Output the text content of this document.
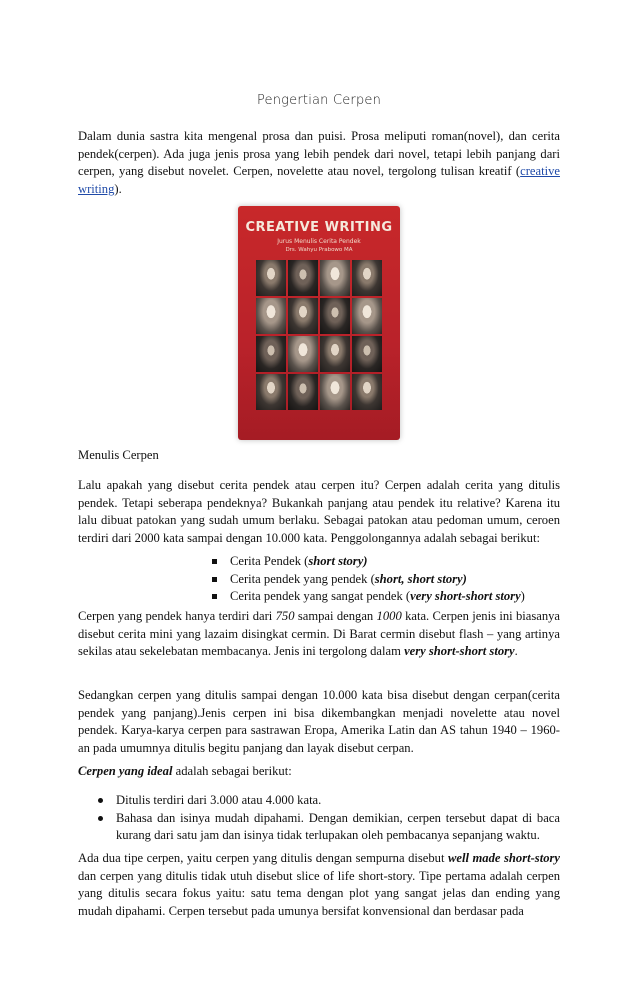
Pengertian Cerpen

Dalam dunia sastra kita mengenal prosa dan puisi. Prosa meliputi roman(novel), dan cerita pendek(cerpen). Ada juga jenis prosa yang lebih pendek dari novel, tetapi lebih panjang dari cerpen, yang disebut novelet. Cerpen, novelette atau novel, tergolong tulisan kreatif (creative writing).

CREATIVE WRITING
Jurus Menulis Cerita Pendek
Drs. Wahyu Prabowo MA
Menulis Cerpen

Lalu apakah yang disebut cerita pendek atau cerpen itu? Cerpen adalah cerita yang ditulis pendek. Tetapi seberapa pendeknya? Bukankah panjang atau pendek itu relative? Karena itu lalu dibuat patokan yang sudah umum berlaku. Sebagai patokan atau pedoman umum, ceroen terdiri dari 2000 kata sampai dengan 10.000 kata. Penggolongannya adalah sebagai berikut:

Cerita Pendek (short story)
Cerita pendek yang pendek (short, short story)
Cerita pendek yang sangat pendek (very short-short story)

Cerpen yang pendek hanya terdiri dari 750 sampai dengan 1000 kata. Cerpen jenis ini biasanya disebut cerita mini yang lazaim disingkat cermin. Di Barat cermin disebut flash – yang artinya sekilas atau sekelebatan membacanya. Jenis ini tergolong dalam very short-short story.

Sedangkan cerpen yang ditulis sampai dengan 10.000 kata bisa disebut dengan cerpan(cerita pendek yang panjang).Jenis cerpen ini bisa dikembangkan menjadi novelette atau novel pendek. Karya-karya cerpen para sastrawan Eropa, Amerika Latin dan AS tahun 1940 – 1960-an pada umumnya ditulis begitu panjang dan layak disebut cerpan.

Cerpen yang ideal adalah sebagai berikut:

Ditulis terdiri dari 3.000 atau 4.000 kata.
Bahasa dan isinya mudah dipahami. Dengan demikian, cerpen tersebut dapat di baca kurang dari satu jam dan isinya tidak terlupakan oleh pembacanya sepanjang waktu.

Ada dua tipe cerpen, yaitu cerpen yang ditulis dengan sempurna disebut well made short-story dan cerpen yang ditulis tidak utuh disebut slice of life short-story. Tipe pertama adalah cerpen yang ditulis secara fokus yaitu: satu tema dengan plot yang sangat jelas dan ending yang mudah dipahami. Cerpen tersebut pada umunya bersifat konvensional dan berdasar pada
